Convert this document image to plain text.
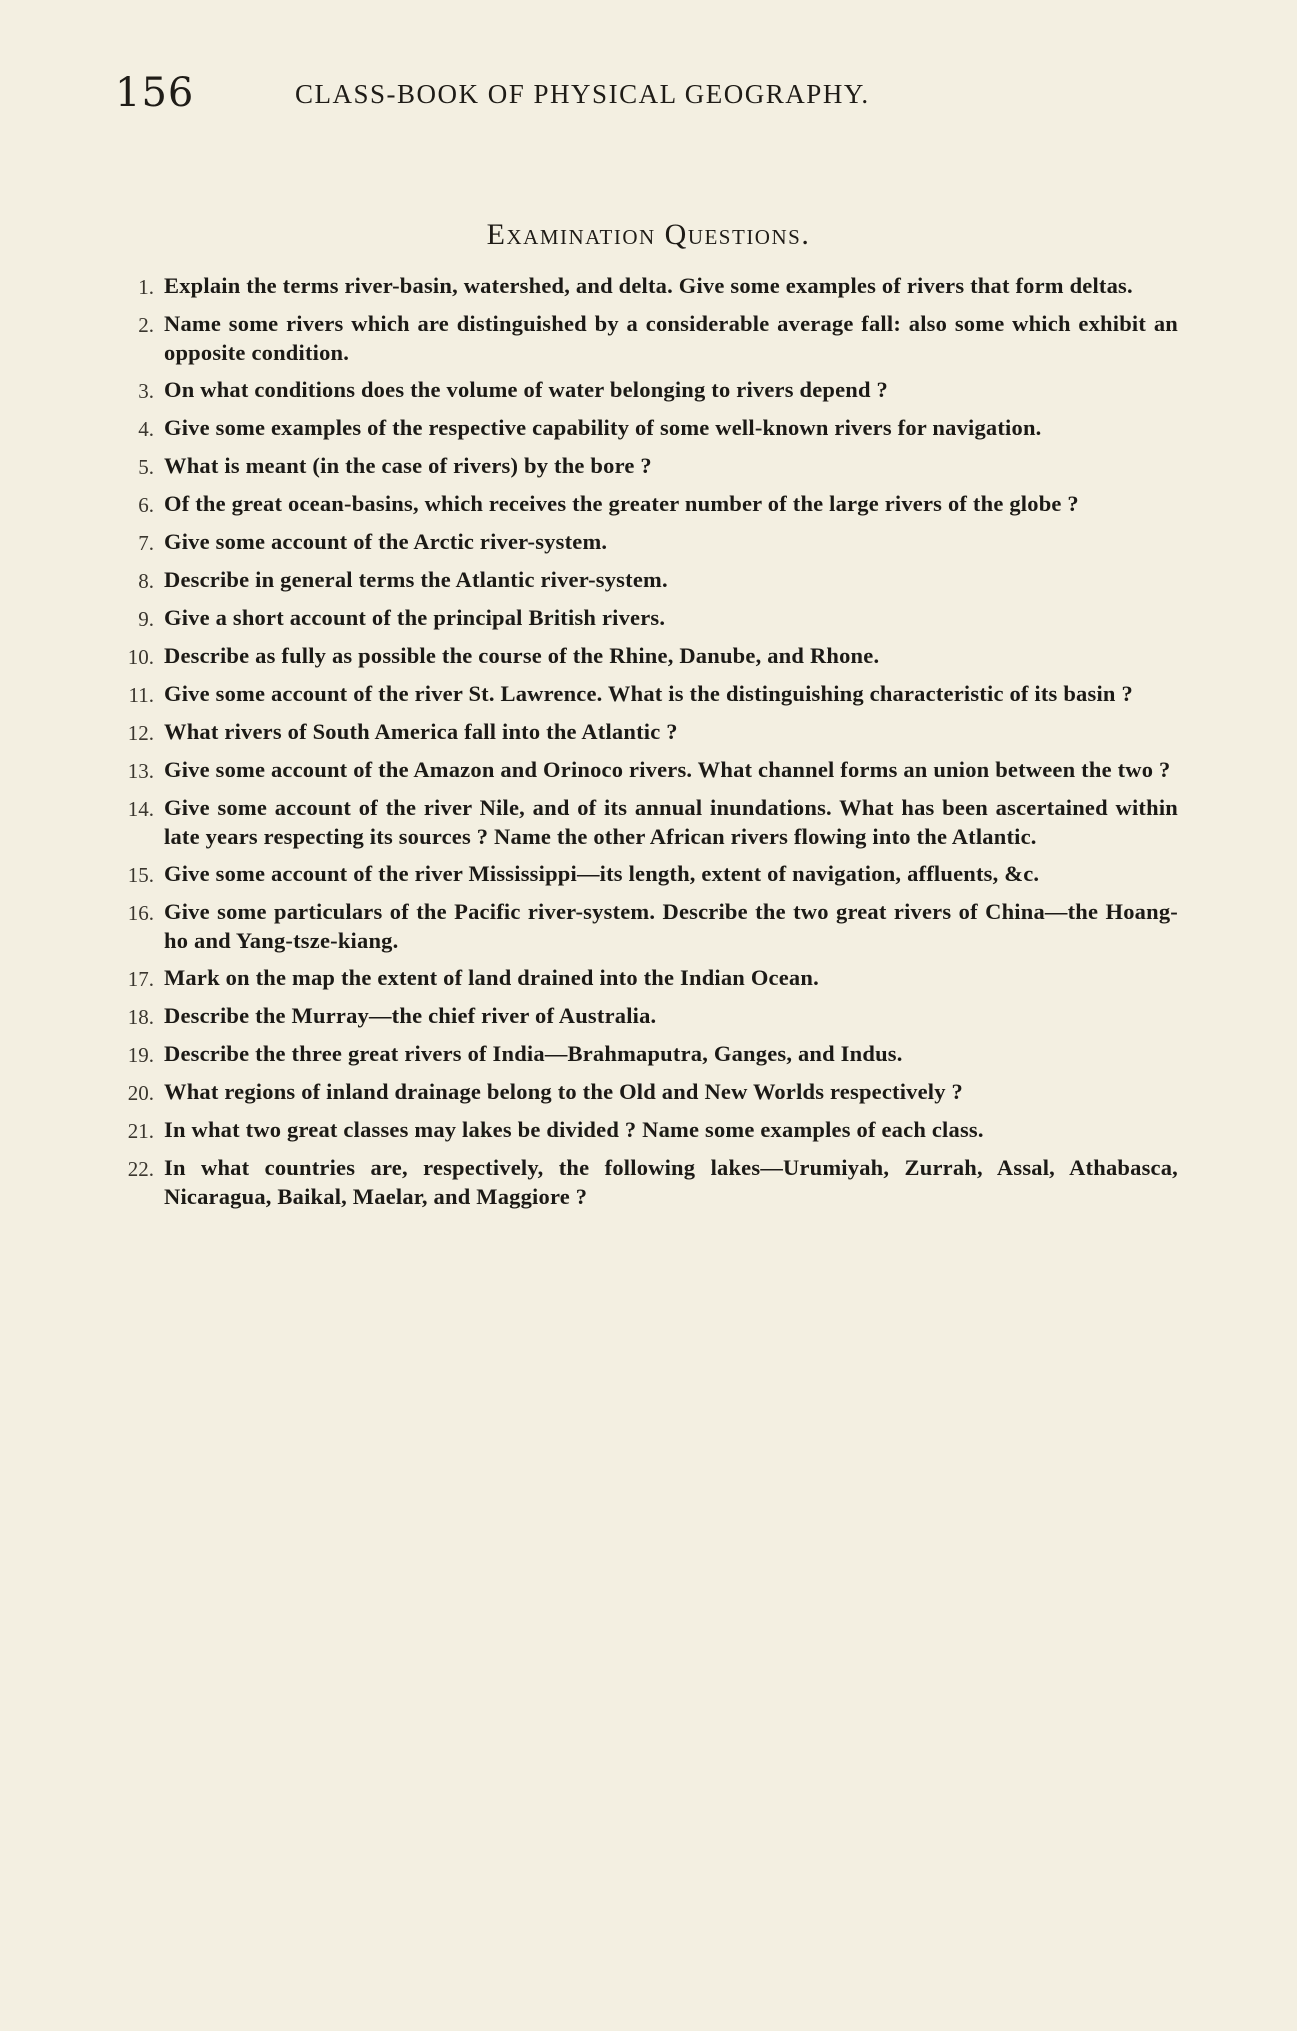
156	CLASS-BOOK OF PHYSICAL GEOGRAPHY.
Examination Questions.
1. Explain the terms river-basin, watershed, and delta. Give some examples of rivers that form deltas.
2. Name some rivers which are distinguished by a considerable average fall: also some which exhibit an opposite condition.
3. On what conditions does the volume of water belonging to rivers depend ?
4. Give some examples of the respective capability of some well-known rivers for navigation.
5. What is meant (in the case of rivers) by the bore ?
6. Of the great ocean-basins, which receives the greater number of the large rivers of the globe ?
7. Give some account of the Arctic river-system.
8. Describe in general terms the Atlantic river-system.
9. Give a short account of the principal British rivers.
10. Describe as fully as possible the course of the Rhine, Danube, and Rhone.
11. Give some account of the river St. Lawrence. What is the distinguishing characteristic of its basin ?
12. What rivers of South America fall into the Atlantic ?
13. Give some account of the Amazon and Orinoco rivers. What channel forms an union between the two ?
14. Give some account of the river Nile, and of its annual inundations. What has been ascertained within late years respecting its sources ? Name the other African rivers flowing into the Atlantic.
15. Give some account of the river Mississippi—its length, extent of navigation, affluents, &c.
16. Give some particulars of the Pacific river-system. Describe the two great rivers of China—the Hoang-ho and Yang-tsze-kiang.
17. Mark on the map the extent of land drained into the Indian Ocean.
18. Describe the Murray—the chief river of Australia.
19. Describe the three great rivers of India—Brahmaputra, Ganges, and Indus.
20. What regions of inland drainage belong to the Old and New Worlds respectively ?
21. In what two great classes may lakes be divided ? Name some examples of each class.
22. In what countries are, respectively, the following lakes—Urumiyah, Zurrah, Assal, Athabasca, Nicaragua, Baikal, Maelar, and Maggiore ?
